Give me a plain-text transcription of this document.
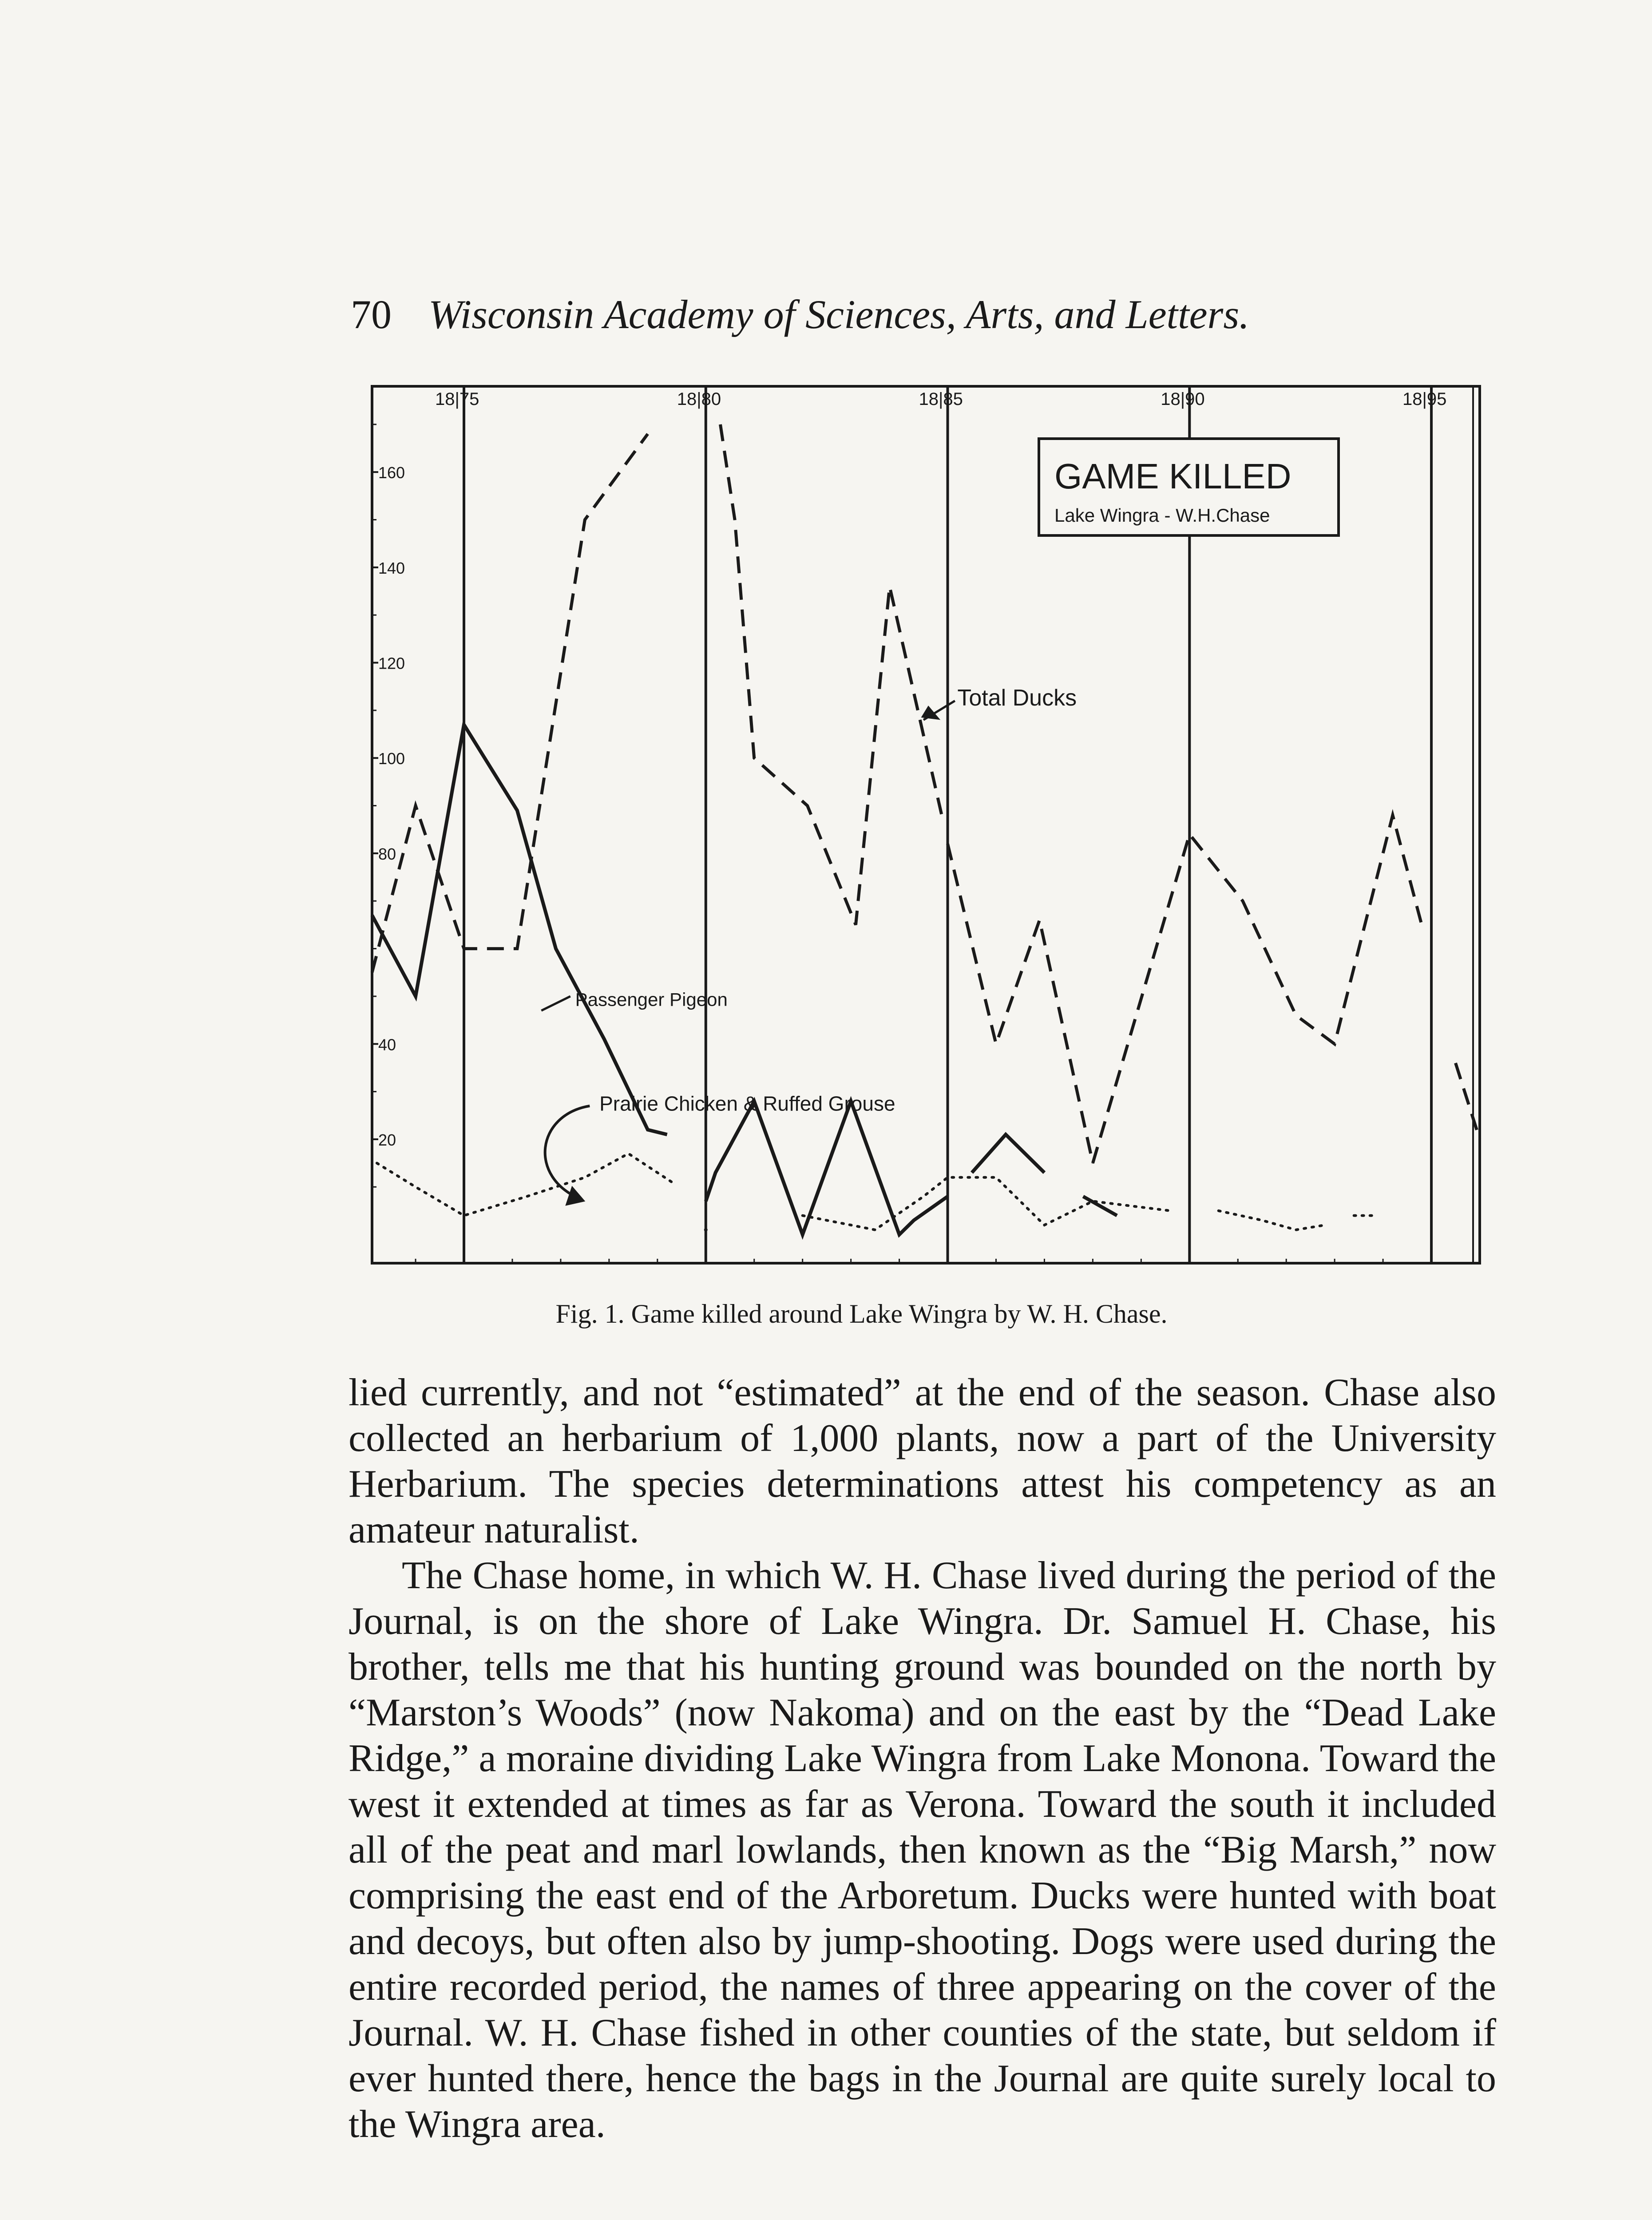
70 Wisconsin Academy of Sciences, Arts, and Letters.
160
140
120
100
80
40
20
18|75	18|80	18|85	18|90	18|95
Total Ducks
Passenger Pigeon
Prairie Chicken & Ruffed Grouse
GAME KILLED
Lake Wingra - W.H.Chase
Fig. 1. Game killed around Lake Wingra by W. H. Chase.

lied currently, and not “estimated” at the end of the season. Chase also collected an herbarium of 1,000 plants, now a part of the University Herbarium. The species determinations attest his competency as an amateur naturalist.

The Chase home, in which W. H. Chase lived during the period of the Journal, is on the shore of Lake Wingra. Dr. Samuel H. Chase, his brother, tells me that his hunting ground was bounded on the north by “Marston’s Woods” (now Nakoma) and on the east by the “Dead Lake Ridge,” a moraine dividing Lake Wingra from Lake Monona. Toward the west it extended at times as far as Verona. Toward the south it included all of the peat and marl lowlands, then known as the “Big Marsh,” now comprising the east end of the Arboretum. Ducks were hunted with boat and decoys, but often also by jump-shooting. Dogs were used during the entire recorded period, the names of three appearing on the cover of the Journal. W. H. Chase fished in other counties of the state, but seldom if ever hunted there, hence the bags in the Journal are quite surely local to the Wingra area.
